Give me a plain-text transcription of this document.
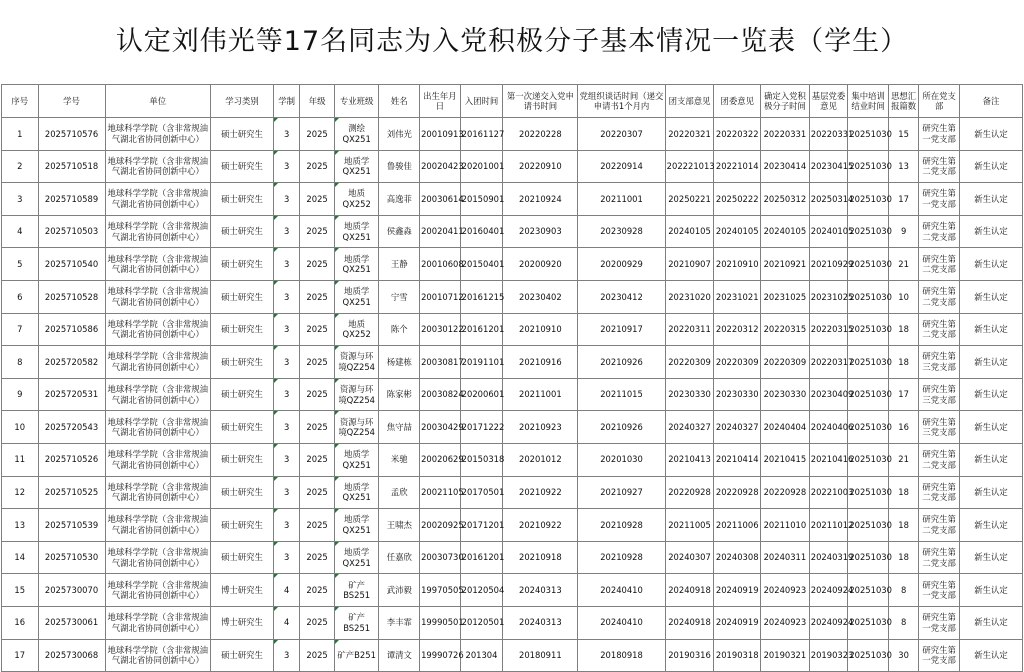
认定刘伟光等17名同志为入党积极分子基本情况一览表（学生）
序号	学号	单位	学习类别	学制	年级	专业班级	姓名	出生年月日	入团时间	第一次递交入党申请书时间	党组织谈话时间（递交申请书1个月内	团支部意见	团委意见	确定入党积极分子时间	基层党委意见	集中培训结业时间	思想汇报篇数	所在党支部	备注
1	2025710576	地球科学学院（含非常规油气湖北省协同创新中心）	硕士研究生	3	2025	测绘QX251	刘伟光	20010913	20161127	20220228	20220307	20220321	20220322	20220331	20220331	20251030	15	研究生第一党支部	新生认定
2	2025710518	地球科学学院（含非常规油气湖北省协同创新中心）	硕士研究生	3	2025	地质学QX251	鲁骏佳	20020423	20201001	20220910	20220914	202221013	20221014	20230414	20230415	20251030	13	研究生第二党支部	新生认定
3	2025710589	地球科学学院（含非常规油气湖北省协同创新中心）	硕士研究生	3	2025	地质QX252	高逸菲	20030614	20150901	20210924	20211001	20250221	20250222	20250312	20250314	20251030	17	研究生第一党支部	新生认定
4	2025710503	地球科学学院（含非常规油气湖北省协同创新中心）	硕士研究生	3	2025	地质学QX251	侯鑫淼	20020411	20160401	20230903	20230928	20240105	20240105	20240105	20240105	20251030	9	研究生第二党支部	新生认定
5	2025710540	地球科学学院（含非常规油气湖北省协同创新中心）	硕士研究生	3	2025	地质学QX251	王静	20010608	20150401	20200920	20200929	20210907	20210910	20210921	20210929	20251030	21	研究生第二党支部	新生认定
6	2025710528	地球科学学院（含非常规油气湖北省协同创新中心）	硕士研究生	3	2025	地质学QX251	宁雪	20010712	20161215	20230402	20230412	20231020	20231021	20231025	20231025	20251030	10	研究生第二党支部	新生认定
7	2025710586	地球科学学院（含非常规油气湖北省协同创新中心）	硕士研究生	3	2025	地质QX252	陈个	20030122	20161201	20210910	20210917	20220311	20220312	20220315	20220315	20251030	18	研究生第二党支部	新生认定
8	2025720582	地球科学学院（含非常规油气湖北省协同创新中心）	硕士研究生	3	2025	资源与环境QZ254	杨建栋	20030817	20191101	20210916	20210926	20220309	20220309	20220309	20220317	20251030	18	研究生第三党支部	新生认定
9	2025720531	地球科学学院（含非常规油气湖北省协同创新中心）	硕士研究生	3	2025	资源与环境QZ254	陈家彬	20030824	20200601	20211001	20211015	20230330	20230330	20230330	20230409	20251030	17	研究生第三党支部	新生认定
10	2025720543	地球科学学院（含非常规油气湖北省协同创新中心）	硕士研究生	3	2025	资源与环境QZ254	焦守喆	20030429	20171222	20210923	20210926	20240327	20240327	20240404	20240406	20251030	16	研究生第三党支部	新生认定
11	2025710526	地球科学学院（含非常规油气湖北省协同创新中心）	硕士研究生	3	2025	地质学QX251	米驰	20020629	20150318	20201012	20201030	20210413	20210414	20210415	20210416	20251030	21	研究生第二党支部	新生认定
12	2025710525	地球科学学院（含非常规油气湖北省协同创新中心）	硕士研究生	3	2025	地质学QX251	孟欣	20021105	20170501	20210922	20210927	20220928	20220928	20220928	20221003	20251030	18	研究生第二党支部	新生认定
13	2025710539	地球科学学院（含非常规油气湖北省协同创新中心）	硕士研究生	3	2025	地质学QX251	王啸杰	20020925	20171201	20210922	20210928	20211005	20211006	20211010	20211012	20251030	18	研究生第二党支部	新生认定
14	2025710530	地球科学学院（含非常规油气湖北省协同创新中心）	硕士研究生	3	2025	地质学QX251	任嘉欣	20030730	20161201	20210918	20210928	20240307	20240308	20240311	20240319	20251030	18	研究生第二党支部	新生认定
15	2025730070	地球科学学院（含非常规油气湖北省协同创新中心）	博士研究生	4	2025	矿产BS251	武沛毅	19970505	20120504	20240313	20240410	20240918	20240919	20240923	20240924	20251030	8	研究生第一党支部	新生认定
16	2025730061	地球科学学院（含非常规油气湖北省协同创新中心）	博士研究生	4	2025	矿产BS251	李丰霏	19990501	20120501	20240313	20240410	20240918	20240919	20240923	20240924	20251030	8	研究生第一党支部	新生认定
17	2025730068	地球科学学院（含非常规油气湖北省协同创新中心）	硕士研究生	3	2025	矿产B251	谭清文	19990726	201304	20180911	20180918	20190316	20190318	20190321	20190323	20251030	30	研究生第一党支部	新生认定
